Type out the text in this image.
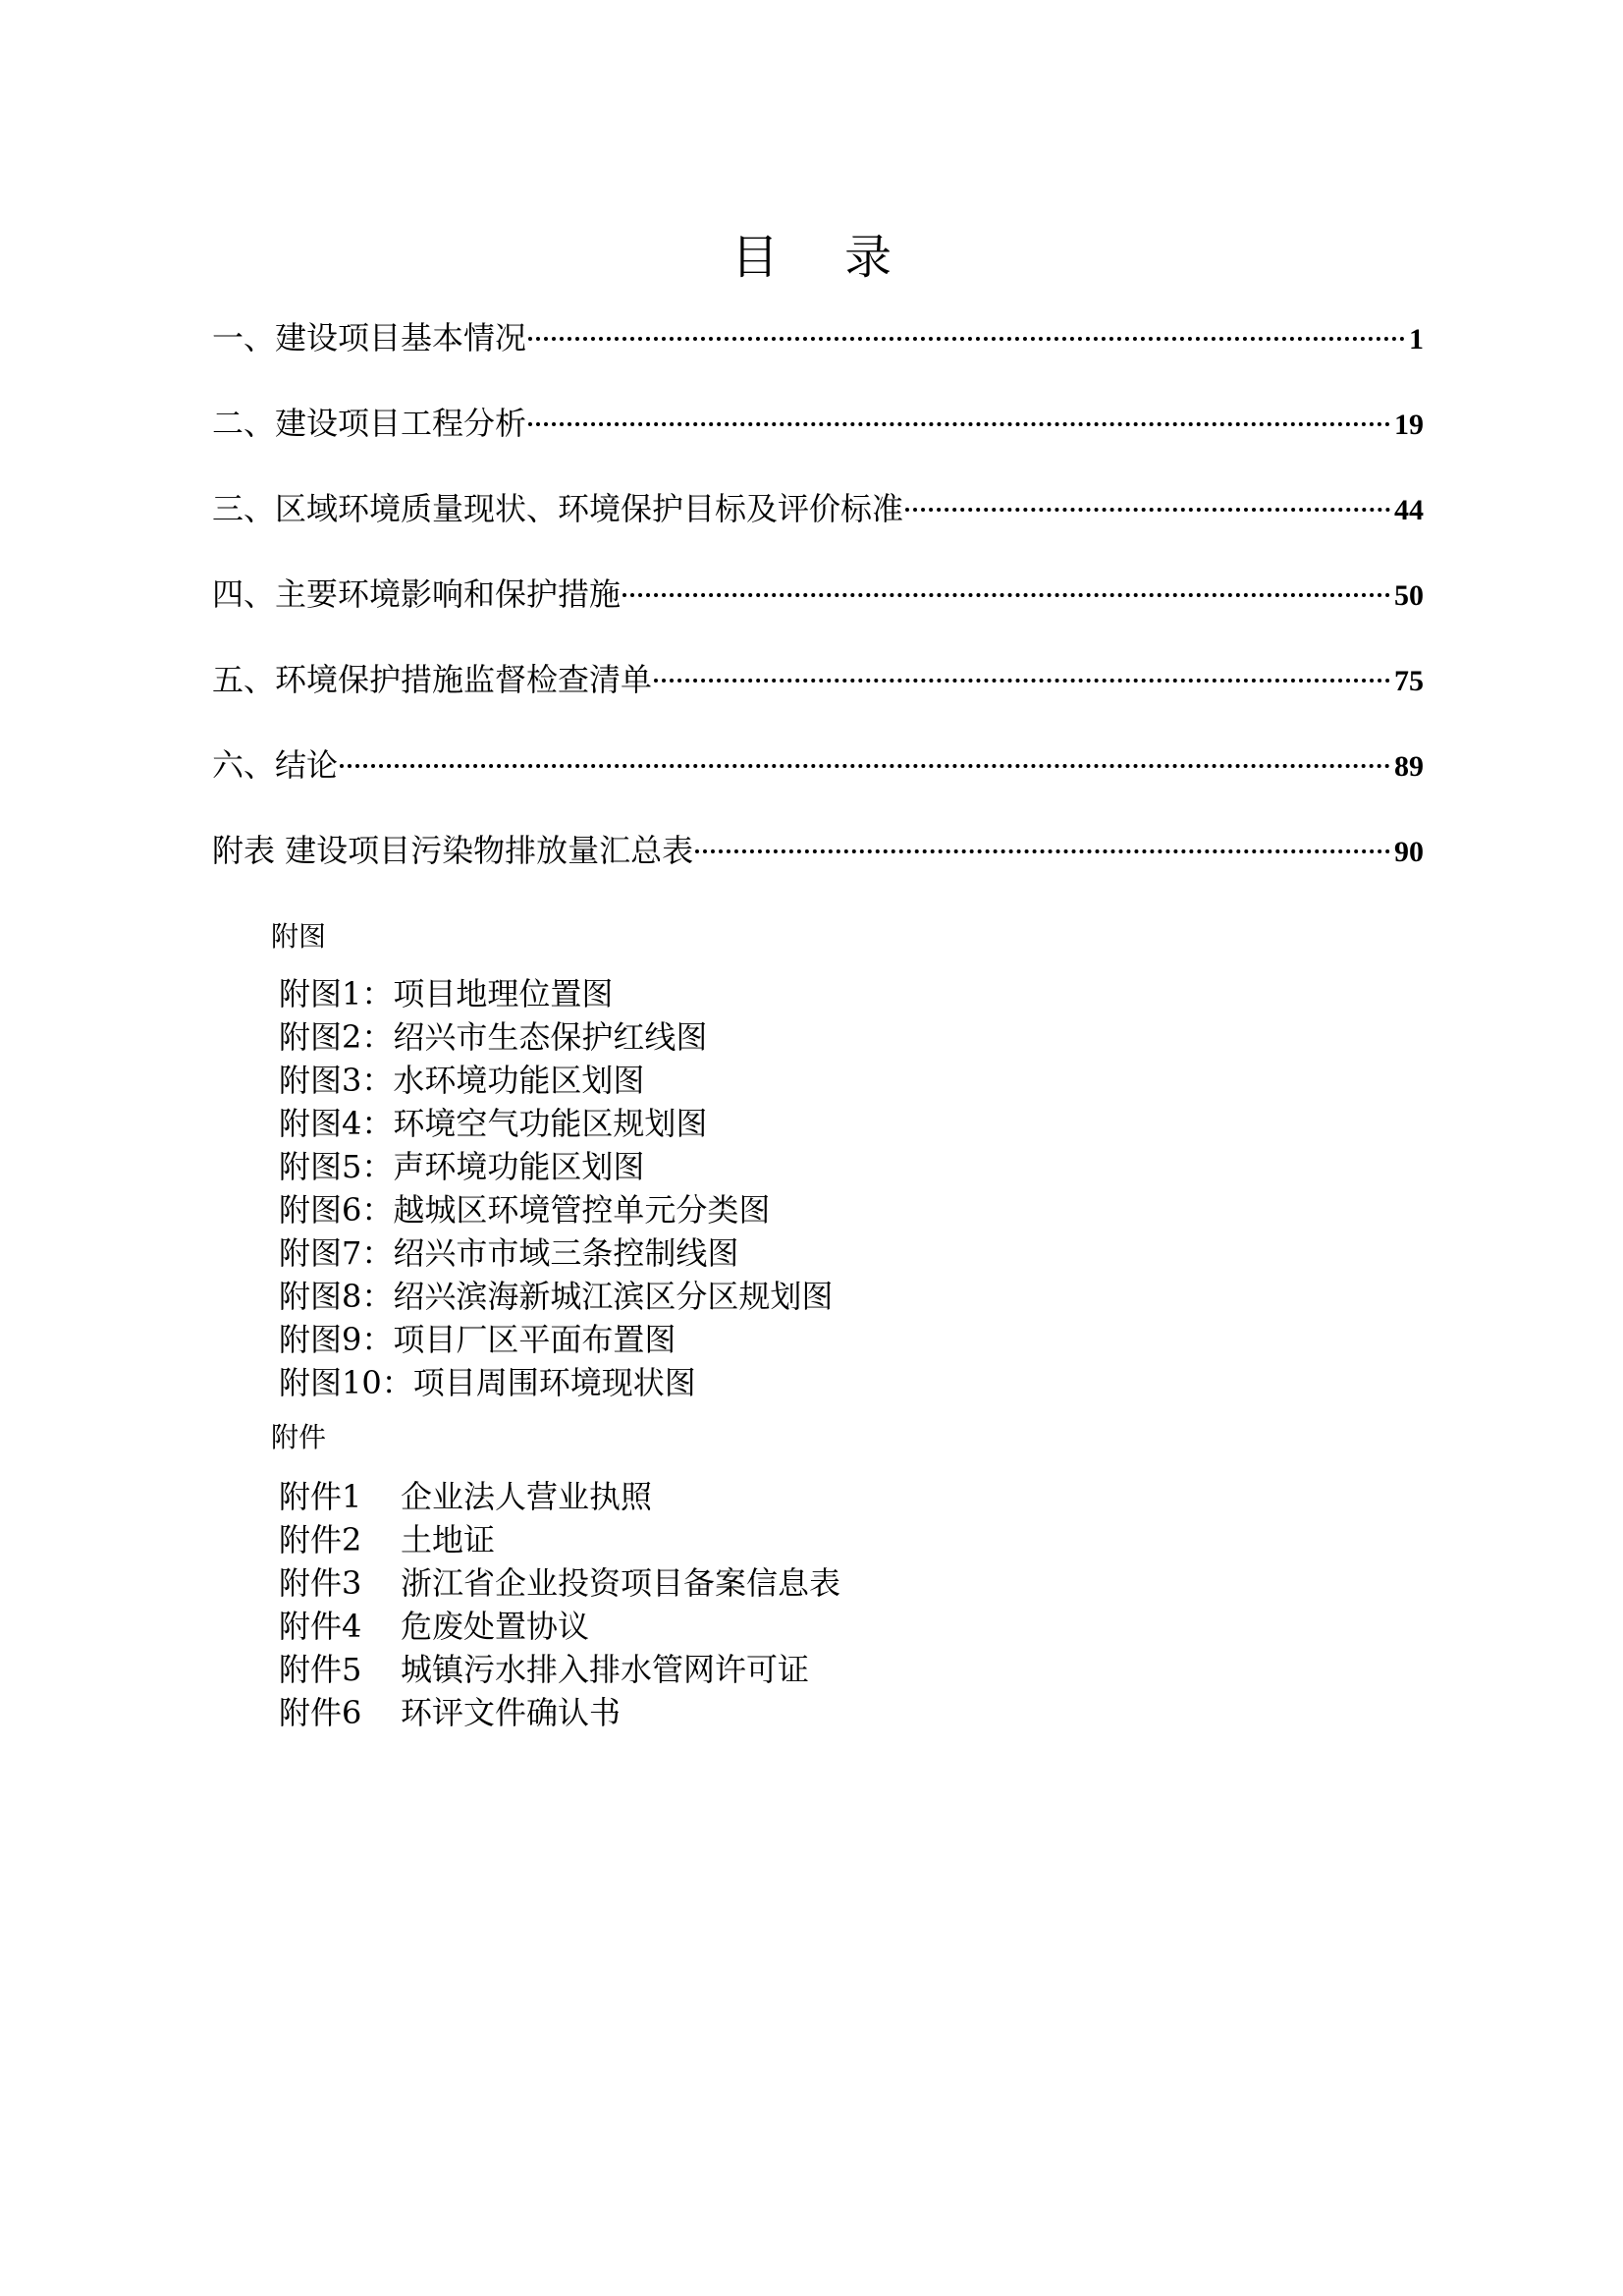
目 录
一、建设项目基本情况	1
二、建设项目工程分析	19
三、区域环境质量现状、环境保护目标及评价标准	44
四、主要环境影响和保护措施	50
五、环境保护措施监督检查清单	75
六、结论	89
附表 建设项目污染物排放量汇总表	90
附图
附图1：项目地理位置图
附图2：绍兴市生态保护红线图
附图3：水环境功能区划图
附图4：环境空气功能区规划图
附图5：声环境功能区划图
附图6：越城区环境管控单元分类图
附图7：绍兴市市域三条控制线图
附图8：绍兴滨海新城江滨区分区规划图
附图9：项目厂区平面布置图
附图10：项目周围环境现状图
附件
附件1	企业法人营业执照
附件2	土地证
附件3	浙江省企业投资项目备案信息表
附件4	危废处置协议
附件5	城镇污水排入排水管网许可证
附件6	环评文件确认书
